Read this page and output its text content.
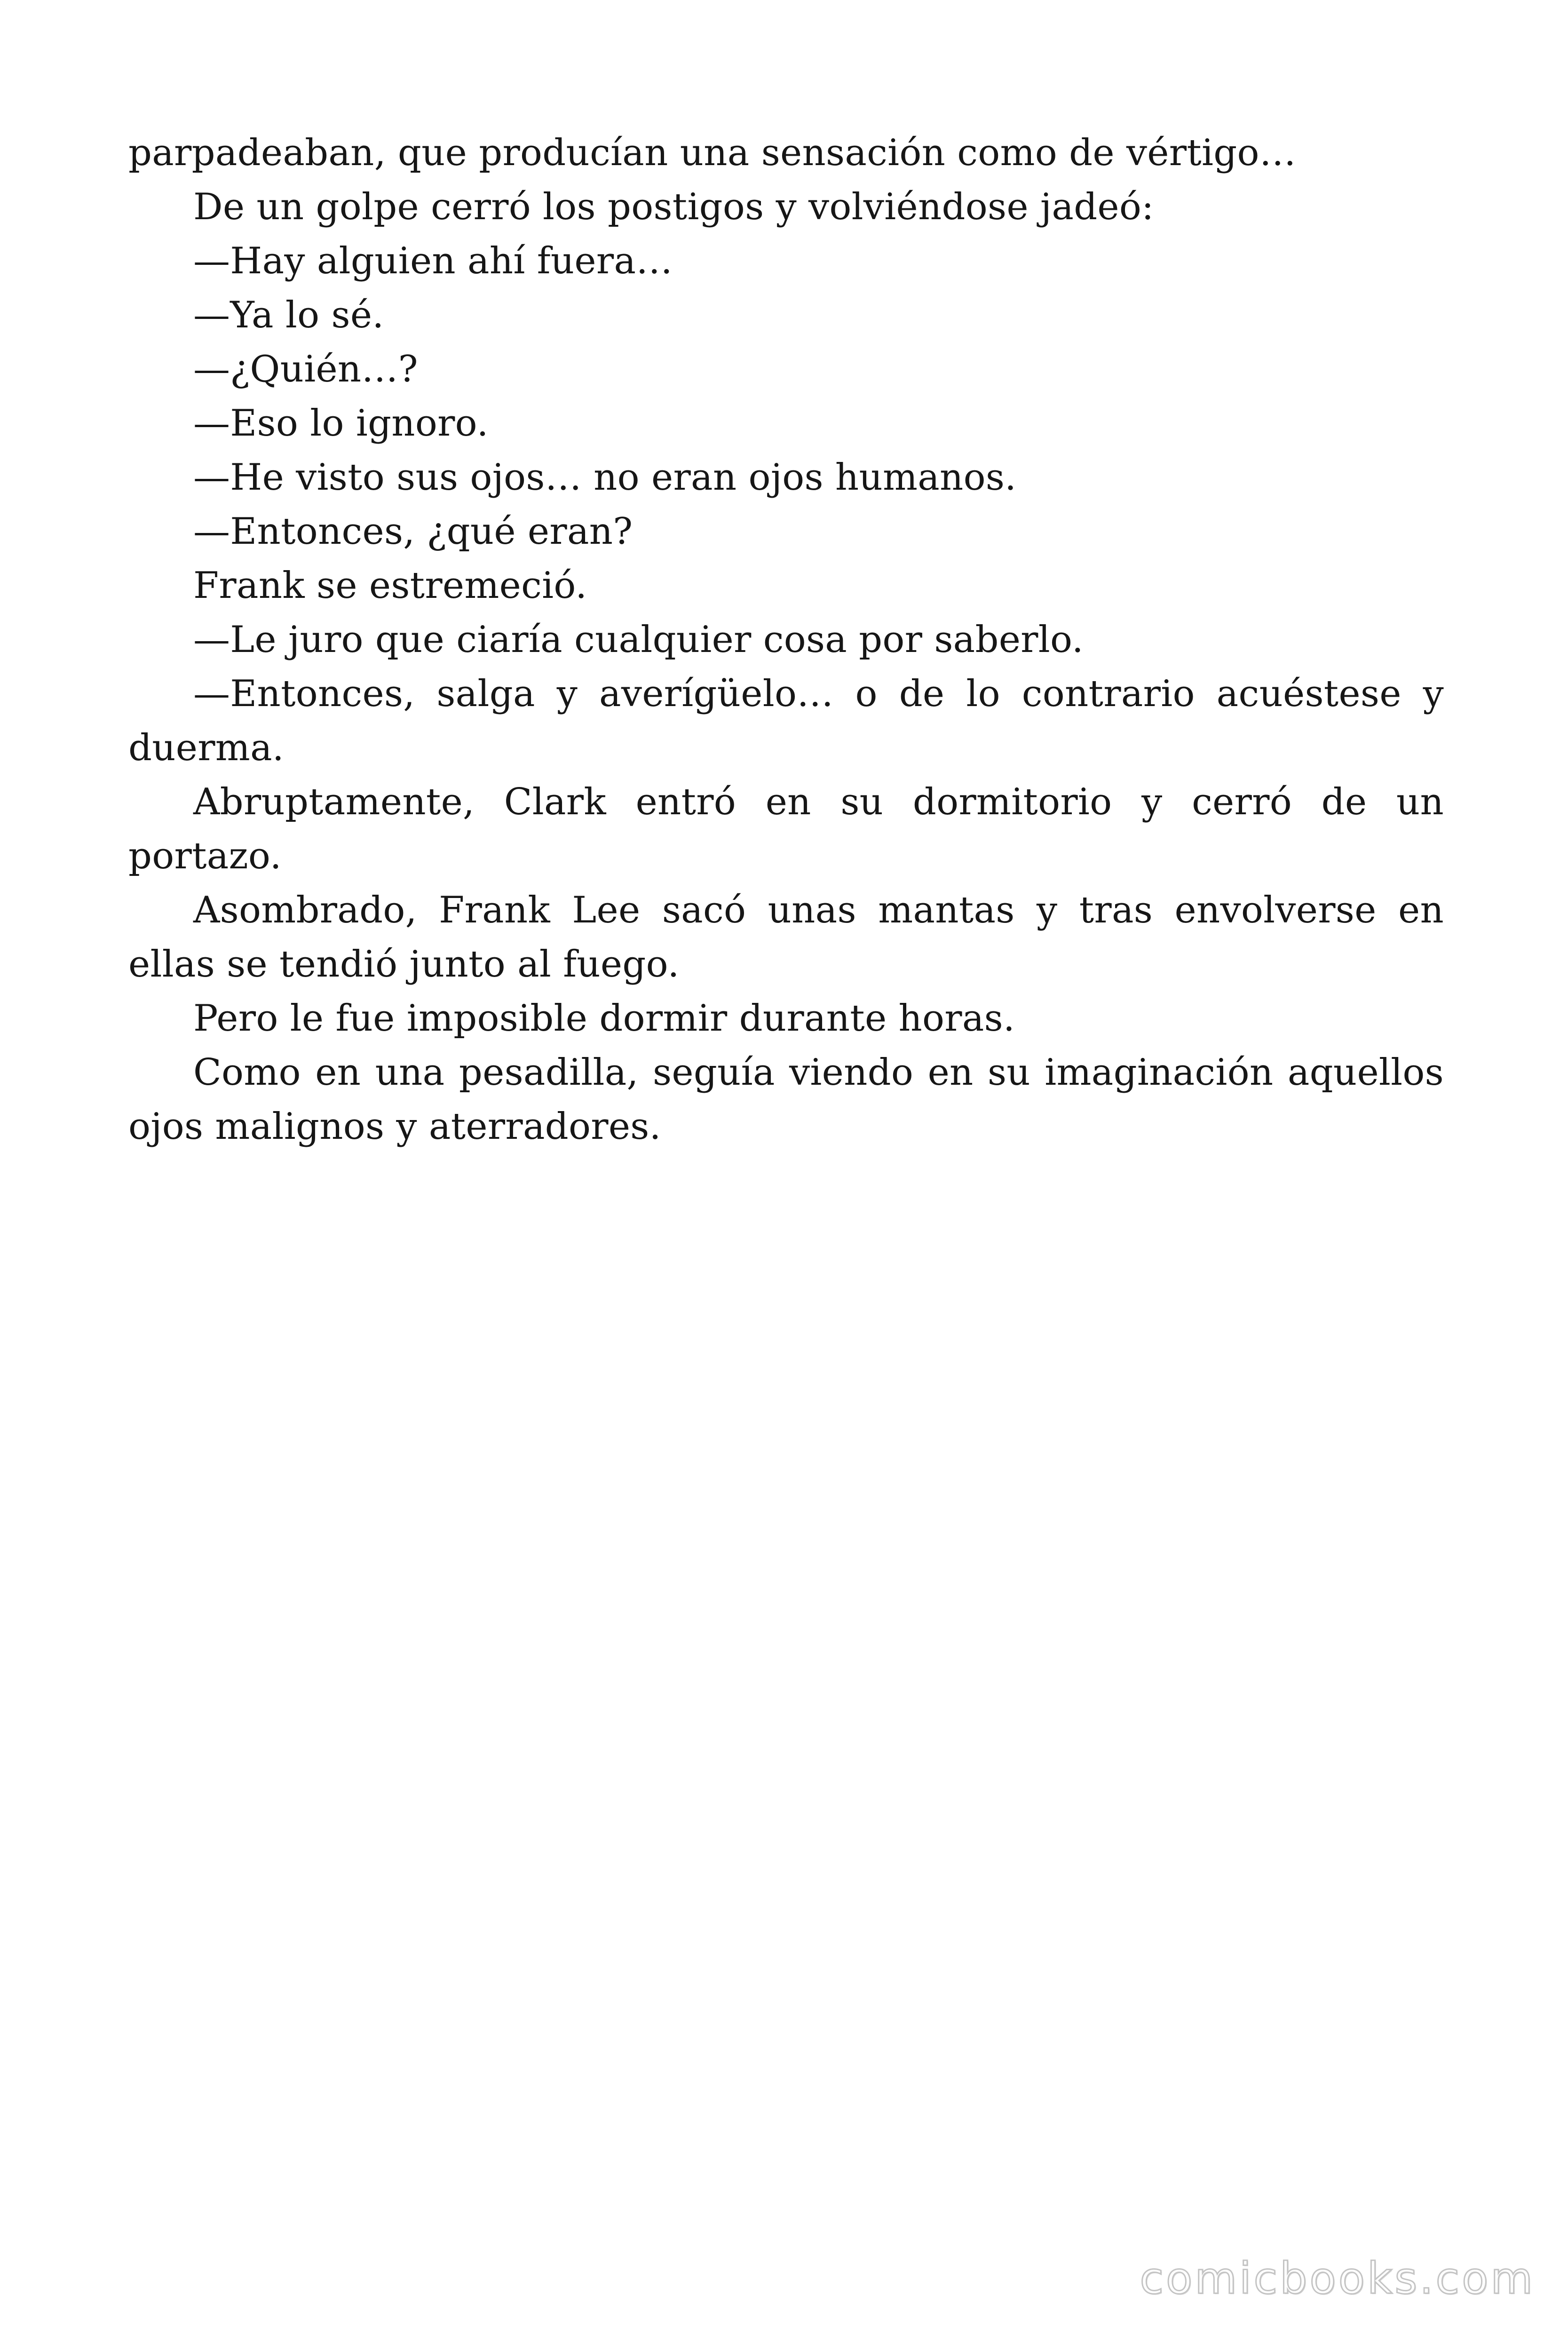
parpadeaban, que producían una sensación como de vértigo…

De un golpe cerró los postigos y volviéndose jadeó:

—Hay alguien ahí fuera…

—Ya lo sé.

—¿Quién…?

—Eso lo ignoro.

—He visto sus ojos… no eran ojos humanos.

—Entonces, ¿qué eran?

Frank se estremeció.

—Le juro que ciaría cualquier cosa por saberlo.

—Entonces, salga y averígüelo… o de lo contrario acuéstese y duerma.

Abruptamente, Clark entró en su dormitorio y cerró de un portazo.

Asombrado, Frank Lee sacó unas mantas y tras envolverse en ellas se tendió junto al fuego.

Pero le fue imposible dormir durante horas.

Como en una pesadilla, seguía viendo en su imaginación aquellos ojos malignos y aterradores.

comicbooks.com
